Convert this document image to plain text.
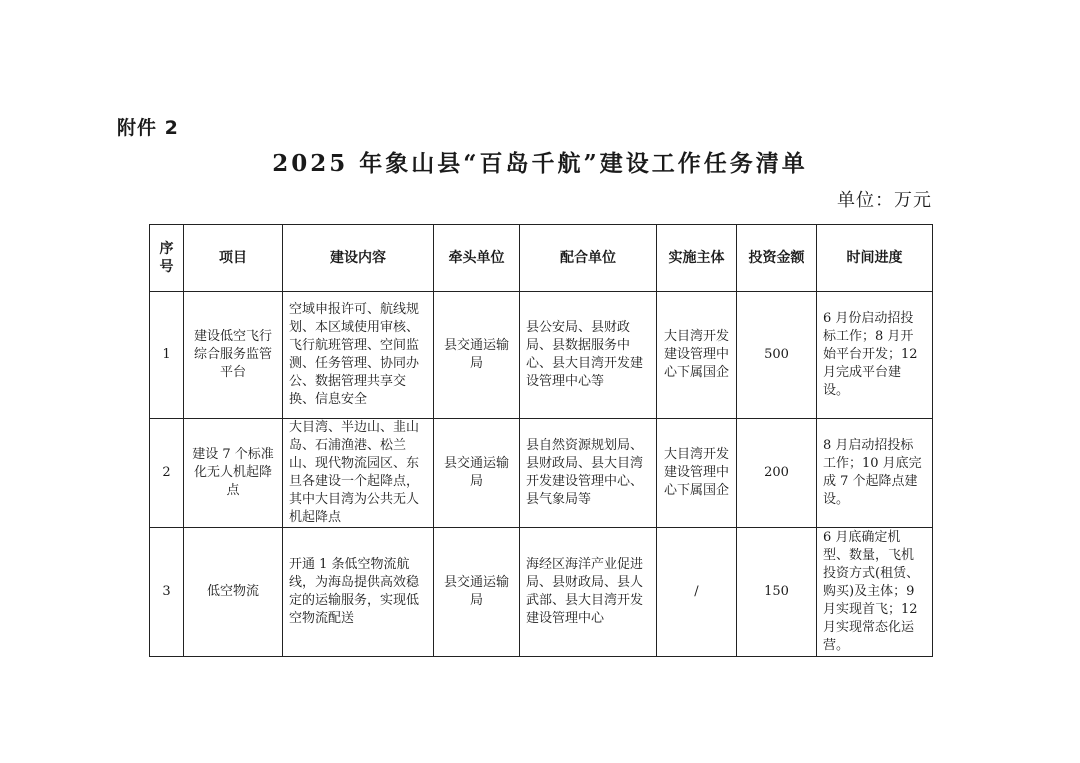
附件 2
2025 年象山县“百岛千航”建设工作任务清单
单位：万元
序号	项目	建设内容	牵头单位	配合单位	实施主体	投资金额	时间进度
1	建设低空飞行综合服务监管平台	空域申报许可、航线规划、本区域使用审核、飞行航班管理、空间监测、任务管理、协同办公、数据管理共享交换、信息安全	县交通运输局	县公安局、县财政局、县数据服务中心、县大目湾开发建设管理中心等	大目湾开发建设管理中心下属国企	500	6 月份启动招投标工作；8 月开始平台开发；12 月完成平台建设。
2	建设 7 个标准化无人机起降点	大目湾、半边山、韭山岛、石浦渔港、松兰山、现代物流园区、东旦各建设一个起降点，其中大目湾为公共无人机起降点	县交通运输局	县自然资源规划局、县财政局、县大目湾开发建设管理中心、县气象局等	大目湾开发建设管理中心下属国企	200	8 月启动招投标工作；10 月底完成 7 个起降点建设。
3	低空物流	开通 1 条低空物流航线，为海岛提供高效稳定的运输服务，实现低空物流配送	县交通运输局	海经区海洋产业促进局、县财政局、县人武部、县大目湾开发建设管理中心	/	150	6 月底确定机型、数量，飞机投资方式(租赁、购买)及主体；9 月实现首飞；12 月实现常态化运营。
